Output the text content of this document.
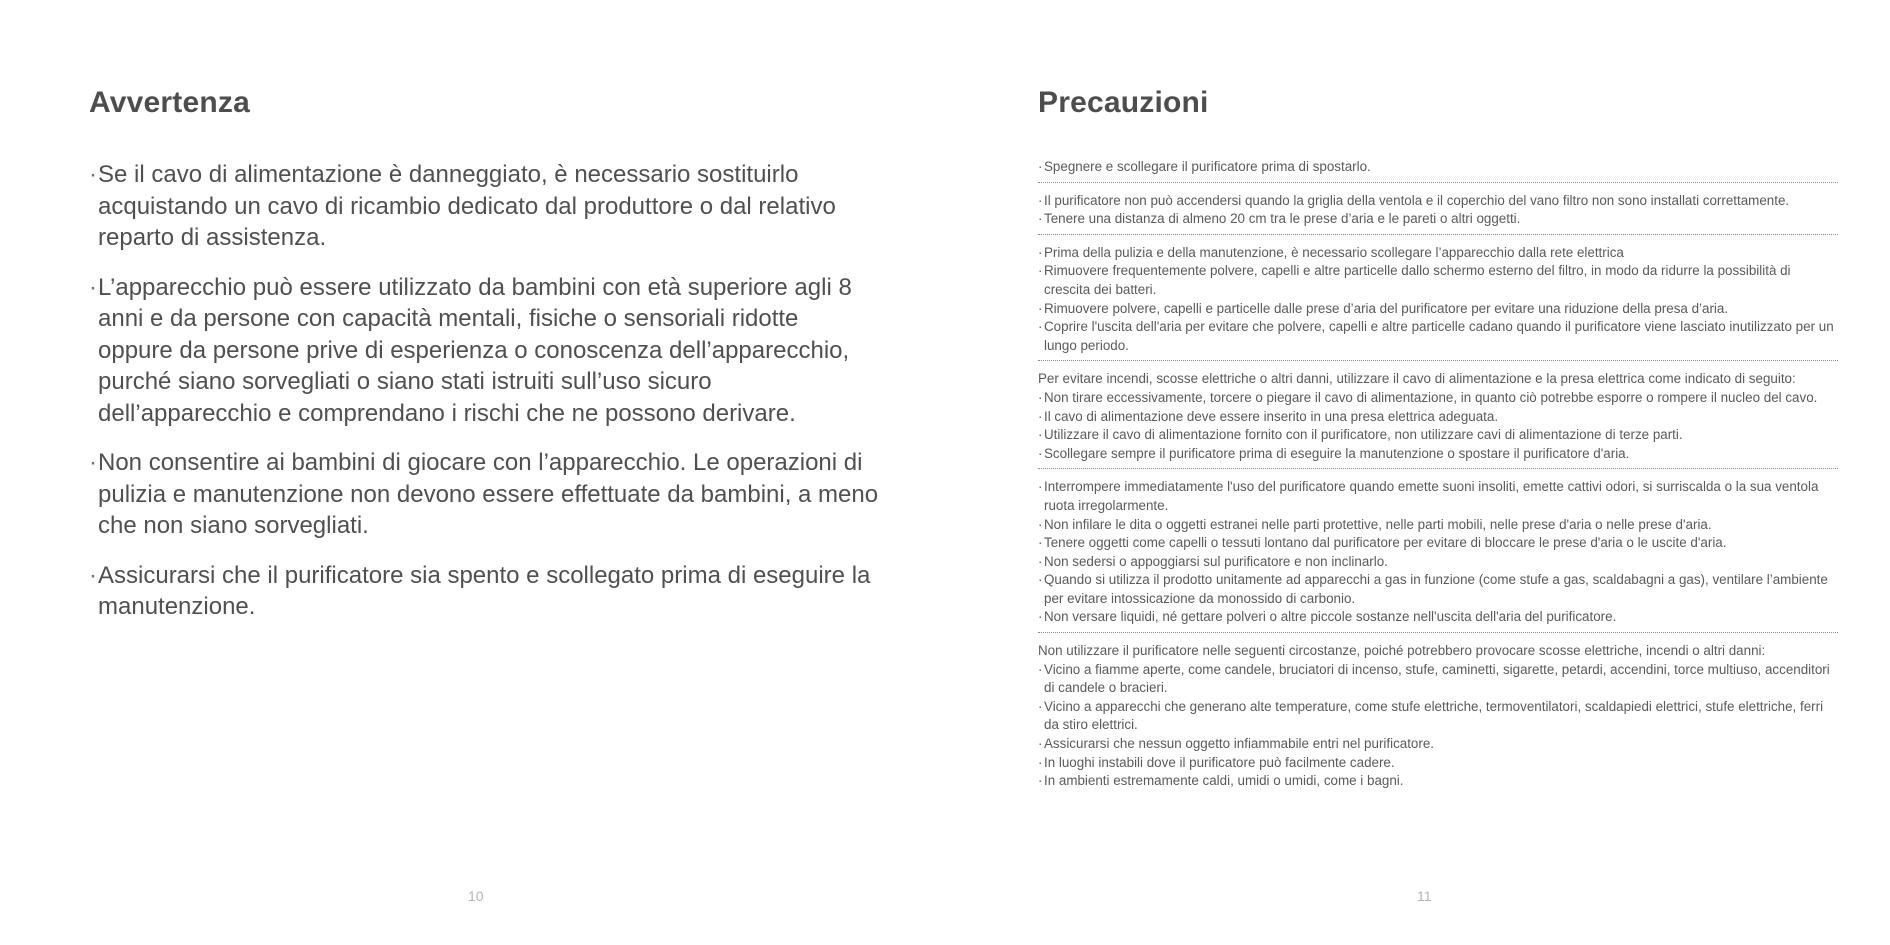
Avvertenza
· Se il cavo di alimentazione è danneggiato, è necessario sostituirlo acquistando un cavo di ricambio dedicato dal produttore o dal relativo reparto di assistenza.
· L’apparecchio può essere utilizzato da bambini con età superiore agli 8 anni e da persone con capacità mentali, fisiche o sensoriali ridotte oppure da persone prive di esperienza o conoscenza dell’apparecchio, purché siano sorvegliati o siano stati istruiti sull’uso sicuro dell’apparecchio e comprendano i rischi che ne possono derivare.
· Non consentire ai bambini di giocare con l’apparecchio. Le operazioni di pulizia e manutenzione non devono essere effettuate da bambini, a meno che non siano sorvegliati.
· Assicurarsi che il purificatore sia spento e scollegato prima di eseguire la manutenzione.

10

Precauzioni

· Spegnere e scollegare il purificatore prima di spostarlo.

· Il purificatore non può accendersi quando la griglia della ventola e il coperchio del vano filtro non sono installati correttamente.

· Tenere una distanza di almeno 20 cm tra le prese d’aria e le pareti o altri oggetti.

· Prima della pulizia e della manutenzione, è necessario scollegare l’apparecchio dalla rete elettrica

· Rimuovere frequentemente polvere, capelli e altre particelle dallo schermo esterno del filtro, in modo da ridurre la possibilità di crescita dei batteri.

· Rimuovere polvere, capelli e particelle dalle prese d’aria del purificatore per evitare una riduzione della presa d’aria.

· Coprire l'uscita dell'aria per evitare che polvere, capelli e altre particelle cadano quando il purificatore viene lasciato inutilizzato per un lungo periodo.

Per evitare incendi, scosse elettriche o altri danni, utilizzare il cavo di alimentazione e la presa elettrica come indicato di seguito:

· Non tirare eccessivamente, torcere o piegare il cavo di alimentazione, in quanto ciò potrebbe esporre o rompere il nucleo del cavo.

· Il cavo di alimentazione deve essere inserito in una presa elettrica adeguata.

· Utilizzare il cavo di alimentazione fornito con il purificatore, non utilizzare cavi di alimentazione di terze parti.

· Scollegare sempre il purificatore prima di eseguire la manutenzione o spostare il purificatore d'aria.

· Interrompere immediatamente l'uso del purificatore quando emette suoni insoliti, emette cattivi odori, si surriscalda o la sua ventola ruota irregolarmente.

· Non infilare le dita o oggetti estranei nelle parti protettive, nelle parti mobili, nelle prese d'aria o nelle prese d'aria.

· Tenere oggetti come capelli o tessuti lontano dal purificatore per evitare di bloccare le prese d'aria o le uscite d'aria.

· Non sedersi o appoggiarsi sul purificatore e non inclinarlo.

· Quando si utilizza il prodotto unitamente ad apparecchi a gas in funzione (come stufe a gas, scaldabagni a gas), ventilare l’ambiente per evitare intossicazione da monossido di carbonio.

· Non versare liquidi, né gettare polveri o altre piccole sostanze nell'uscita dell'aria del purificatore.

Non utilizzare il purificatore nelle seguenti circostanze, poiché potrebbero provocare scosse elettriche, incendi o altri danni:

· Vicino a fiamme aperte, come candele, bruciatori di incenso, stufe, caminetti, sigarette, petardi, accendini, torce multiuso, accenditori di candele o bracieri.

· Vicino a apparecchi che generano alte temperature, come stufe elettriche, termoventilatori, scaldapiedi elettrici, stufe elettriche, ferri da stiro elettrici.

· Assicurarsi che nessun oggetto infiammabile entri nel purificatore.

· In luoghi instabili dove il purificatore può facilmente cadere.

· In ambienti estremamente caldi, umidi o umidi, come i bagni.

11
